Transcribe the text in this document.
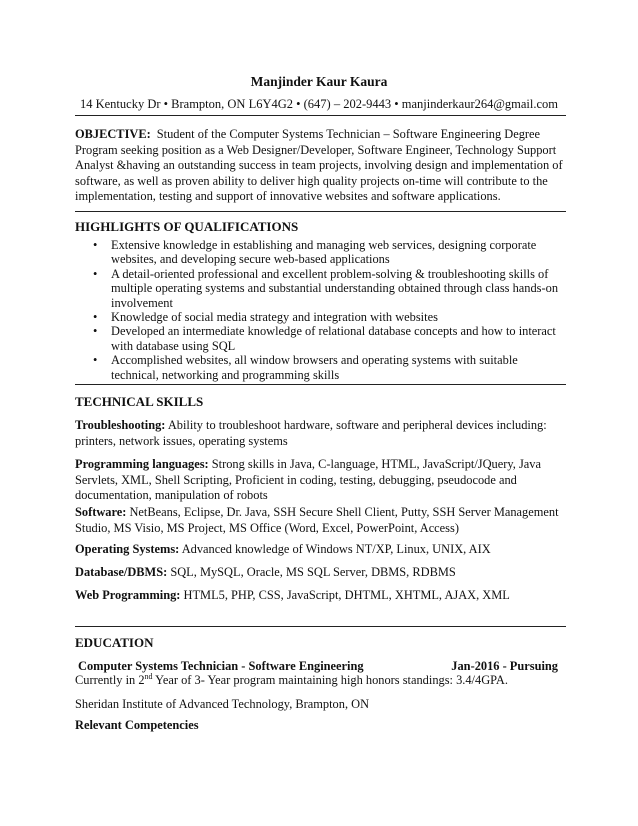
Manjinder Kaur Kaura
14 Kentucky Dr • Brampton, ON L6Y4G2 • (647) – 202-9443 • manjinderkaur264@gmail.com
OBJECTIVE: Student of the Computer Systems Technician – Software Engineering Degree Program seeking position as a Web Designer/Developer, Software Engineer, Technology Support Analyst &having an outstanding success in team projects, involving design and implementation of software, as well as proven ability to deliver high quality projects on-time will contribute to the implementation, testing and support of innovative websites and software applications.
HIGHLIGHTS OF QUALIFICATIONS
• Extensive knowledge in establishing and managing web services, designing corporate websites, and developing secure web-based applications
• A detail-oriented professional and excellent problem-solving & troubleshooting skills of multiple operating systems and substantial understanding obtained through class hands-on involvement
• Knowledge of social media strategy and integration with websites
• Developed an intermediate knowledge of relational database concepts and how to interact with database using SQL
• Accomplished websites, all window browsers and operating systems with suitable technical, networking and programming skills
TECHNICAL SKILLS
Troubleshooting: Ability to troubleshoot hardware, software and peripheral devices including: printers, network issues, operating systems
Programming languages: Strong skills in Java, C-language, HTML, JavaScript/JQuery, Java Servlets, XML, Shell Scripting, Proficient in coding, testing, debugging, pseudocode and documentation, manipulation of robots
Software: NetBeans, Eclipse, Dr. Java, SSH Secure Shell Client, Putty, SSH Server Management Studio, MS Visio, MS Project, MS Office (Word, Excel, PowerPoint, Access)
Operating Systems: Advanced knowledge of Windows NT/XP, Linux, UNIX, AIX
Database/DBMS: SQL, MySQL, Oracle, MS SQL Server, DBMS, RDBMS
Web Programming: HTML5, PHP, CSS, JavaScript, DHTML, XHTML, AJAX, XML
EDUCATION
Computer Systems Technician - Software Engineering	Jan-2016 - Pursuing
Currently in 2nd Year of 3- Year program maintaining high honors standings: 3.4/4GPA.
Sheridan Institute of Advanced Technology, Brampton, ON
Relevant Competencies
